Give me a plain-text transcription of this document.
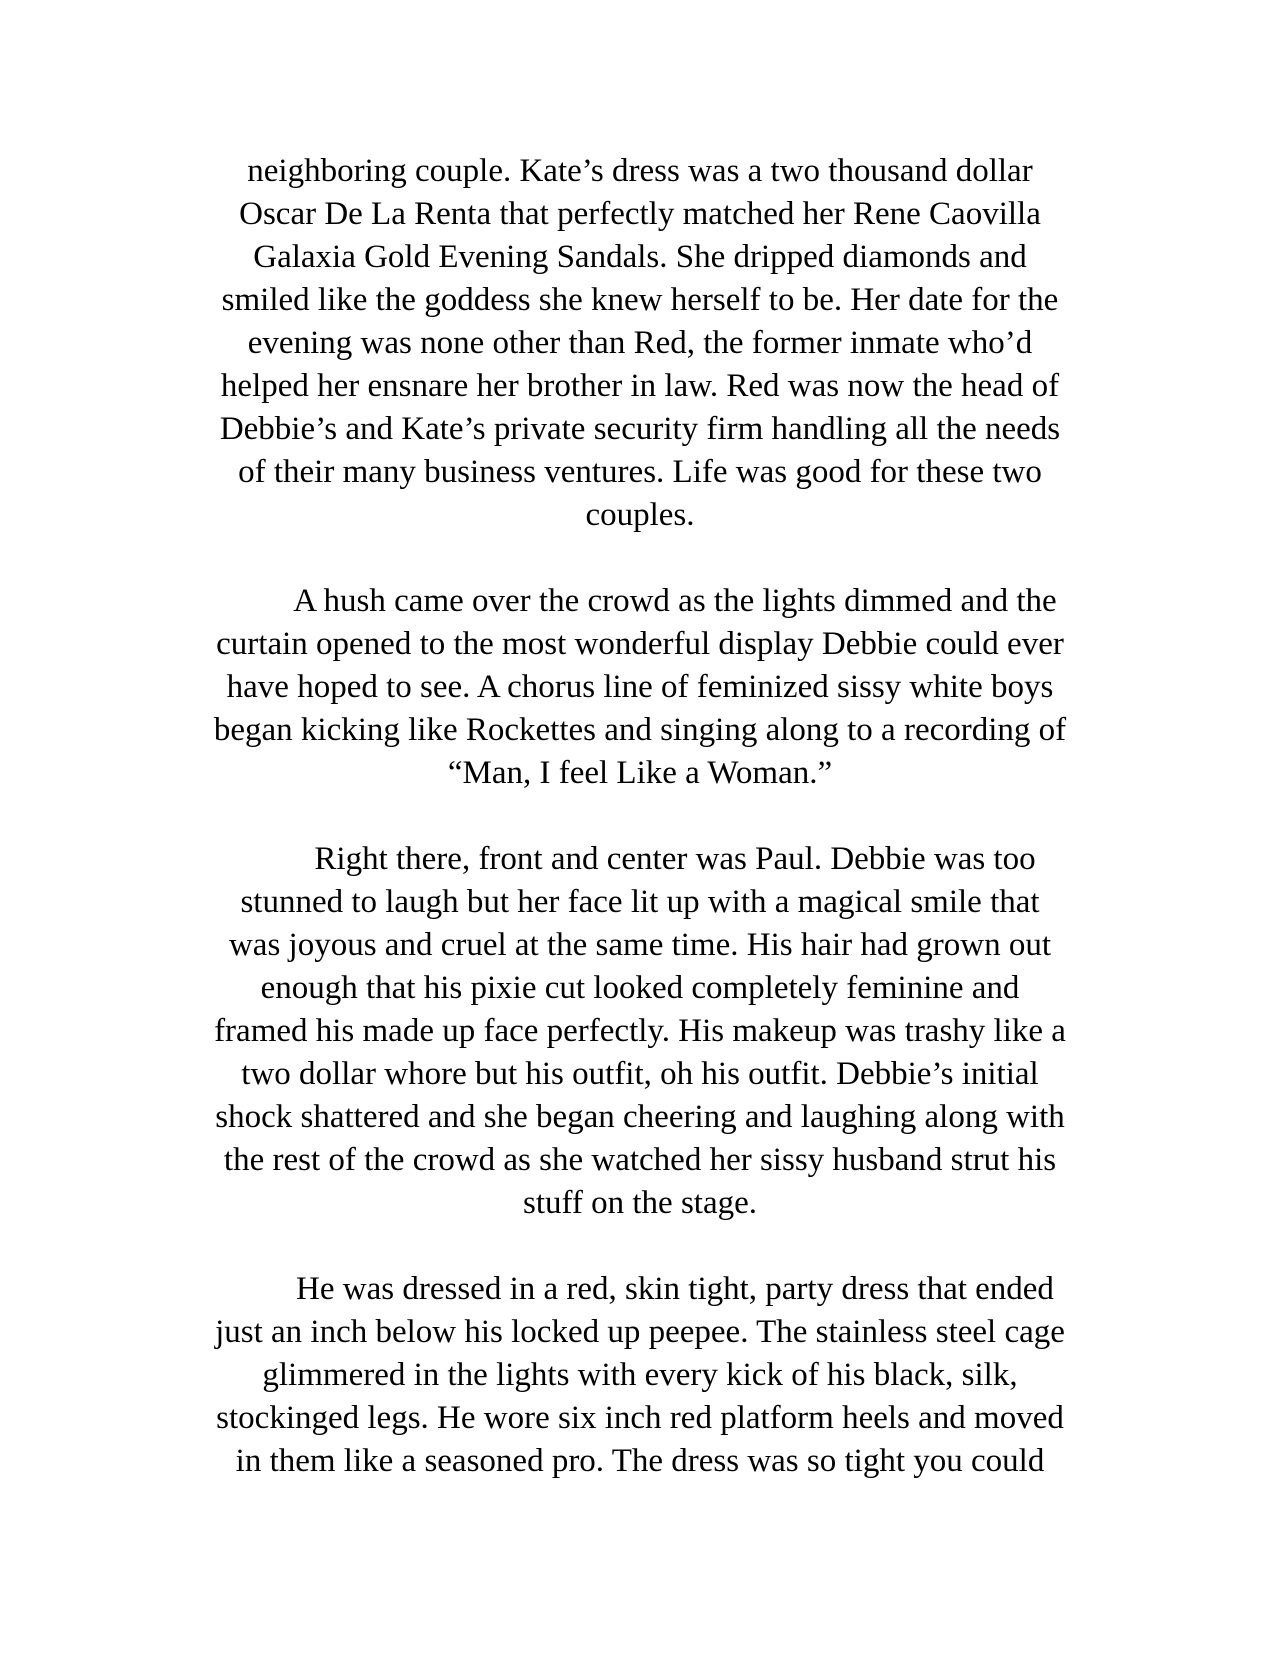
neighboring couple. Kate’s dress was a two thousand dollar
Oscar De La Renta that perfectly matched her Rene Caovilla
Galaxia Gold Evening Sandals. She dripped diamonds and
smiled like the goddess she knew herself to be. Her date for the
evening was none other than Red, the former inmate who’d
helped her ensnare her brother in law. Red was now the head of
Debbie’s and Kate’s private security firm handling all the needs
of their many business ventures. Life was good for these two
couples.
A hush came over the crowd as the lights dimmed and the
curtain opened to the most wonderful display Debbie could ever
have hoped to see. A chorus line of feminized sissy white boys
began kicking like Rockettes and singing along to a recording of
“Man, I feel Like a Woman.”
Right there, front and center was Paul. Debbie was too
stunned to laugh but her face lit up with a magical smile that
was joyous and cruel at the same time. His hair had grown out
enough that his pixie cut looked completely feminine and
framed his made up face perfectly. His makeup was trashy like a
two dollar whore but his outfit, oh his outfit. Debbie’s initial
shock shattered and she began cheering and laughing along with
the rest of the crowd as she watched her sissy husband strut his
stuff on the stage.
He was dressed in a red, skin tight, party dress that ended
just an inch below his locked up peepee. The stainless steel cage
glimmered in the lights with every kick of his black, silk,
stockinged legs. He wore six inch red platform heels and moved
in them like a seasoned pro. The dress was so tight you could
